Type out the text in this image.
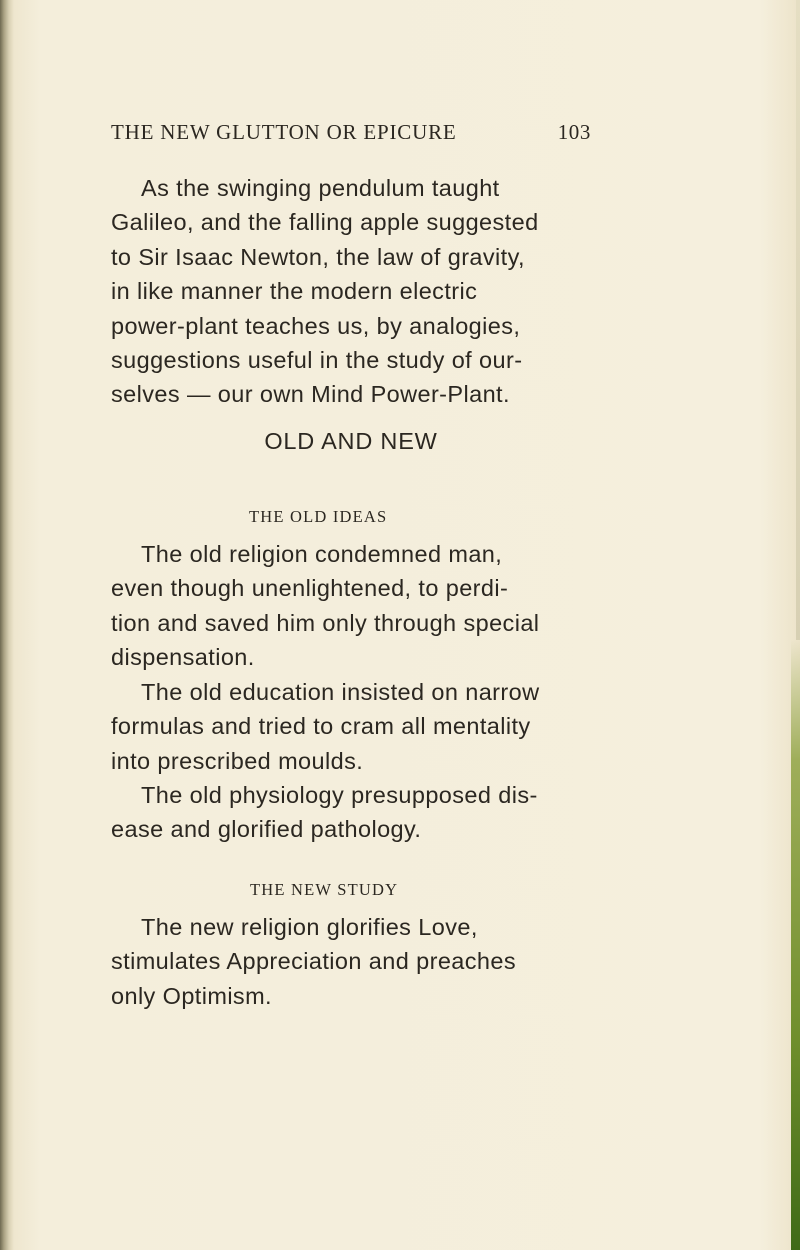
THE NEW GLUTTON OR EPICURE	103
As the swinging pendulum taught
Galileo, and the falling apple suggested
to Sir Isaac Newton, the law of gravity,
in like manner the modern electric
power-plant teaches us, by analogies,
suggestions useful in the study of our-
selves — our own Mind Power-Plant.
OLD AND NEW
THE OLD IDEAS
The old religion condemned man,
even though unenlightened, to perdi-
tion and saved him only through special
dispensation.
The old education insisted on narrow
formulas and tried to cram all mentality
into prescribed moulds.
The old physiology presupposed dis-
ease and glorified pathology.
THE NEW STUDY
The new religion glorifies Love,
stimulates Appreciation and preaches
only Optimism.
